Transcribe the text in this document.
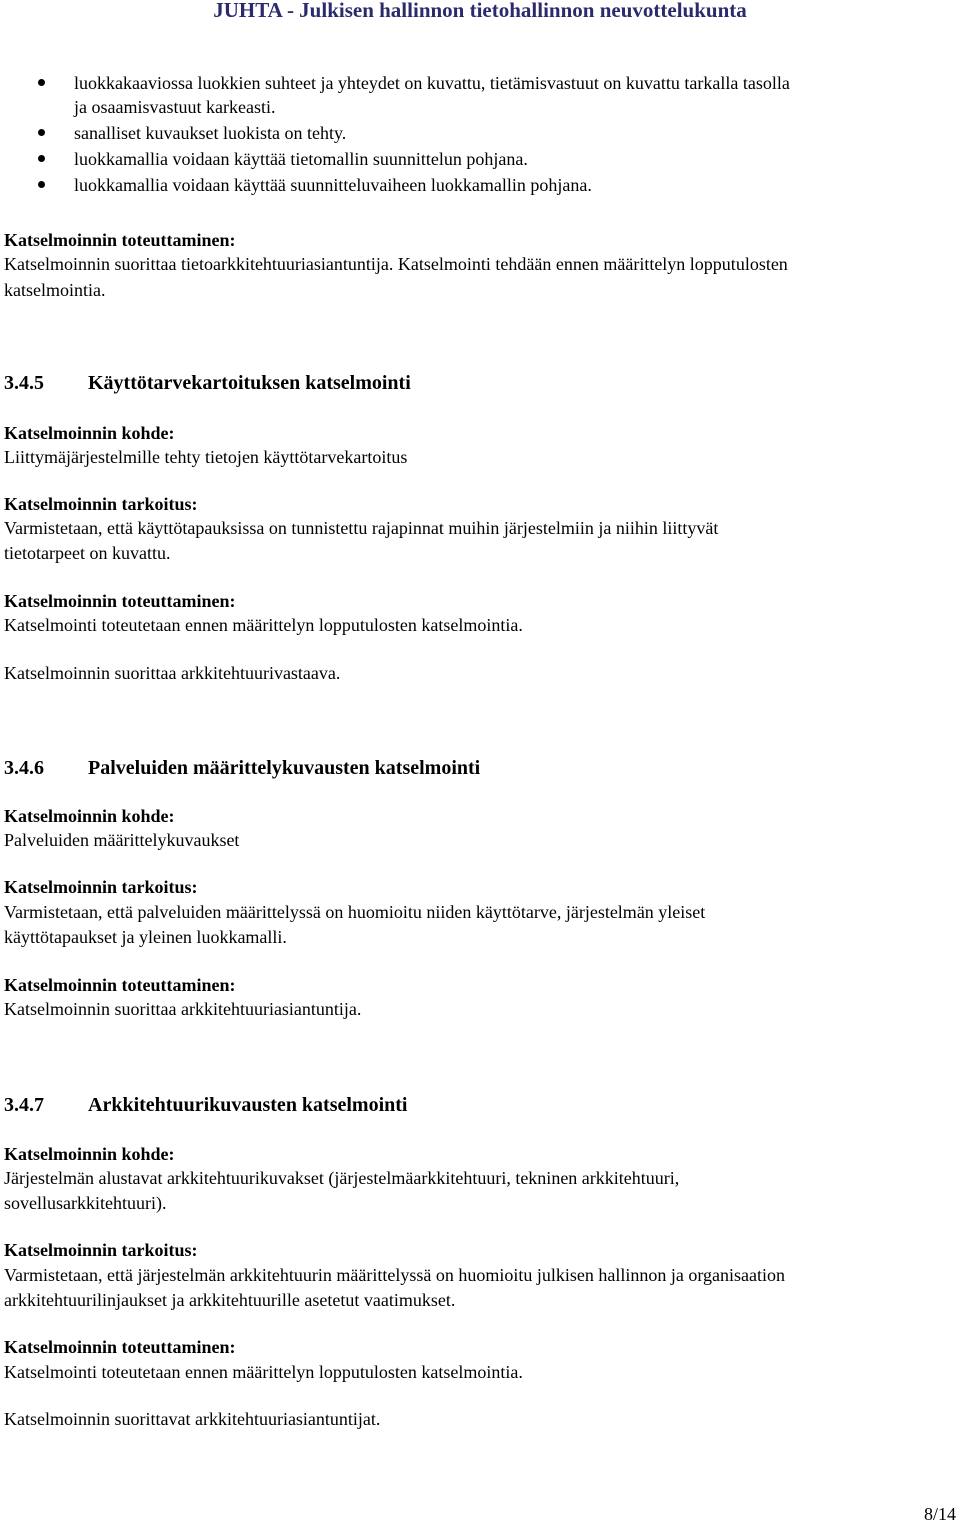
JUHTA - Julkisen hallinnon tietohallinnon neuvottelukunta
luokkakaaviossa luokkien suhteet ja yhteydet on kuvattu, tietämisvastuut on kuvattu tarkalla tasolla
ja osaamisvastuut karkeasti.
sanalliset kuvaukset luokista on tehty.
luokkamallia voidaan käyttää tietomallin suunnittelun pohjana.
luokkamallia voidaan käyttää suunnitteluvaiheen luokkamallin pohjana.
Katselmoinnin toteuttaminen:
Katselmoinnin suorittaa tietoarkkitehtuuriasiantuntija. Katselmointi tehdään ennen määrittelyn lopputulosten
katselmointia.
3.4.5 Käyttötarvekartoituksen katselmointi
Katselmoinnin kohde:
Liittymäjärjestelmille tehty tietojen käyttötarvekartoitus
Katselmoinnin tarkoitus:
Varmistetaan, että käyttötapauksissa on tunnistettu rajapinnat muihin järjestelmiin ja niihin liittyvät
tietotarpeet on kuvattu.
Katselmoinnin toteuttaminen:
Katselmointi toteutetaan ennen määrittelyn lopputulosten katselmointia.
Katselmoinnin suorittaa arkkitehtuurivastaava.
3.4.6 Palveluiden määrittelykuvausten katselmointi
Katselmoinnin kohde:
Palveluiden määrittelykuvaukset
Katselmoinnin tarkoitus:
Varmistetaan, että palveluiden määrittelyssä on huomioitu niiden käyttötarve, järjestelmän yleiset
käyttötapaukset ja yleinen luokkamalli.
Katselmoinnin toteuttaminen:
Katselmoinnin suorittaa arkkitehtuuriasiantuntija.
3.4.7 Arkkitehtuurikuvausten katselmointi
Katselmoinnin kohde:
Järjestelmän alustavat arkkitehtuurikuvakset (järjestelmäarkkitehtuuri, tekninen arkkitehtuuri,
sovellusarkkitehtuuri).
Katselmoinnin tarkoitus:
Varmistetaan, että järjestelmän arkkitehtuurin määrittelyssä on huomioitu julkisen hallinnon ja organisaation
arkkitehtuurilinjaukset ja arkkitehtuurille asetetut vaatimukset.
Katselmoinnin toteuttaminen:
Katselmointi toteutetaan ennen määrittelyn lopputulosten katselmointia.
Katselmoinnin suorittavat arkkitehtuuriasiantuntijat.
8/14
